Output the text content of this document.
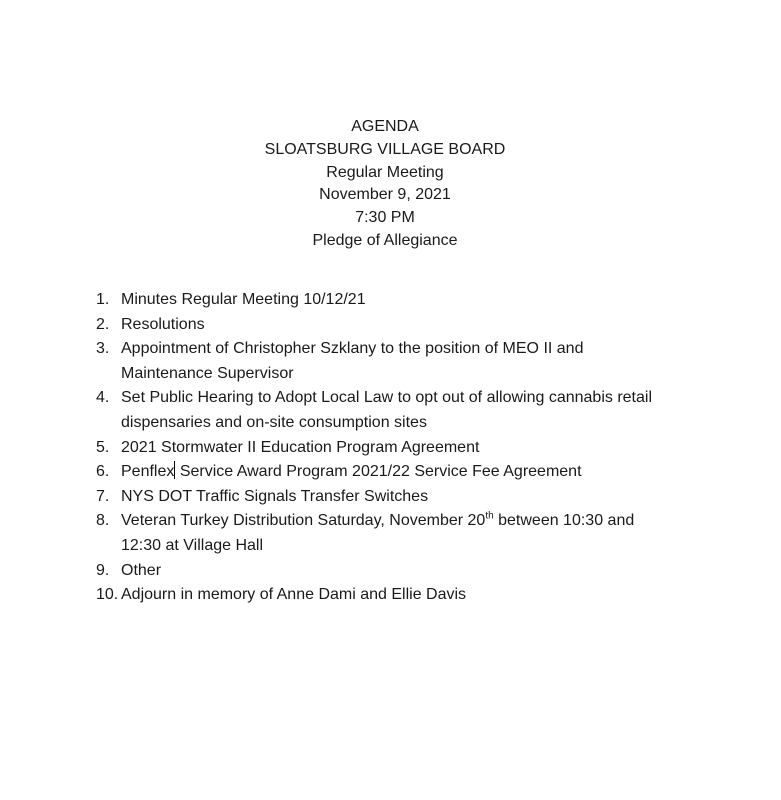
AGENDA
SLOATSBURG VILLAGE BOARD
Regular Meeting
November 9, 2021
7:30 PM
Pledge of Allegiance
1. Minutes Regular Meeting 10/12/21
2. Resolutions
3. Appointment of Christopher Szklany to the position of MEO II and
Maintenance Supervisor
4. Set Public Hearing to Adopt Local Law to opt out of allowing cannabis retail
dispensaries and on-site consumption sites
5. 2021 Stormwater II Education Program Agreement
6. Penflex Service Award Program 2021/22 Service Fee Agreement
7. NYS DOT Traffic Signals Transfer Switches
8. Veteran Turkey Distribution Saturday, November 20th between 10:30 and
12:30 at Village Hall
9. Other
10. Adjourn in memory of Anne Dami and Ellie Davis
